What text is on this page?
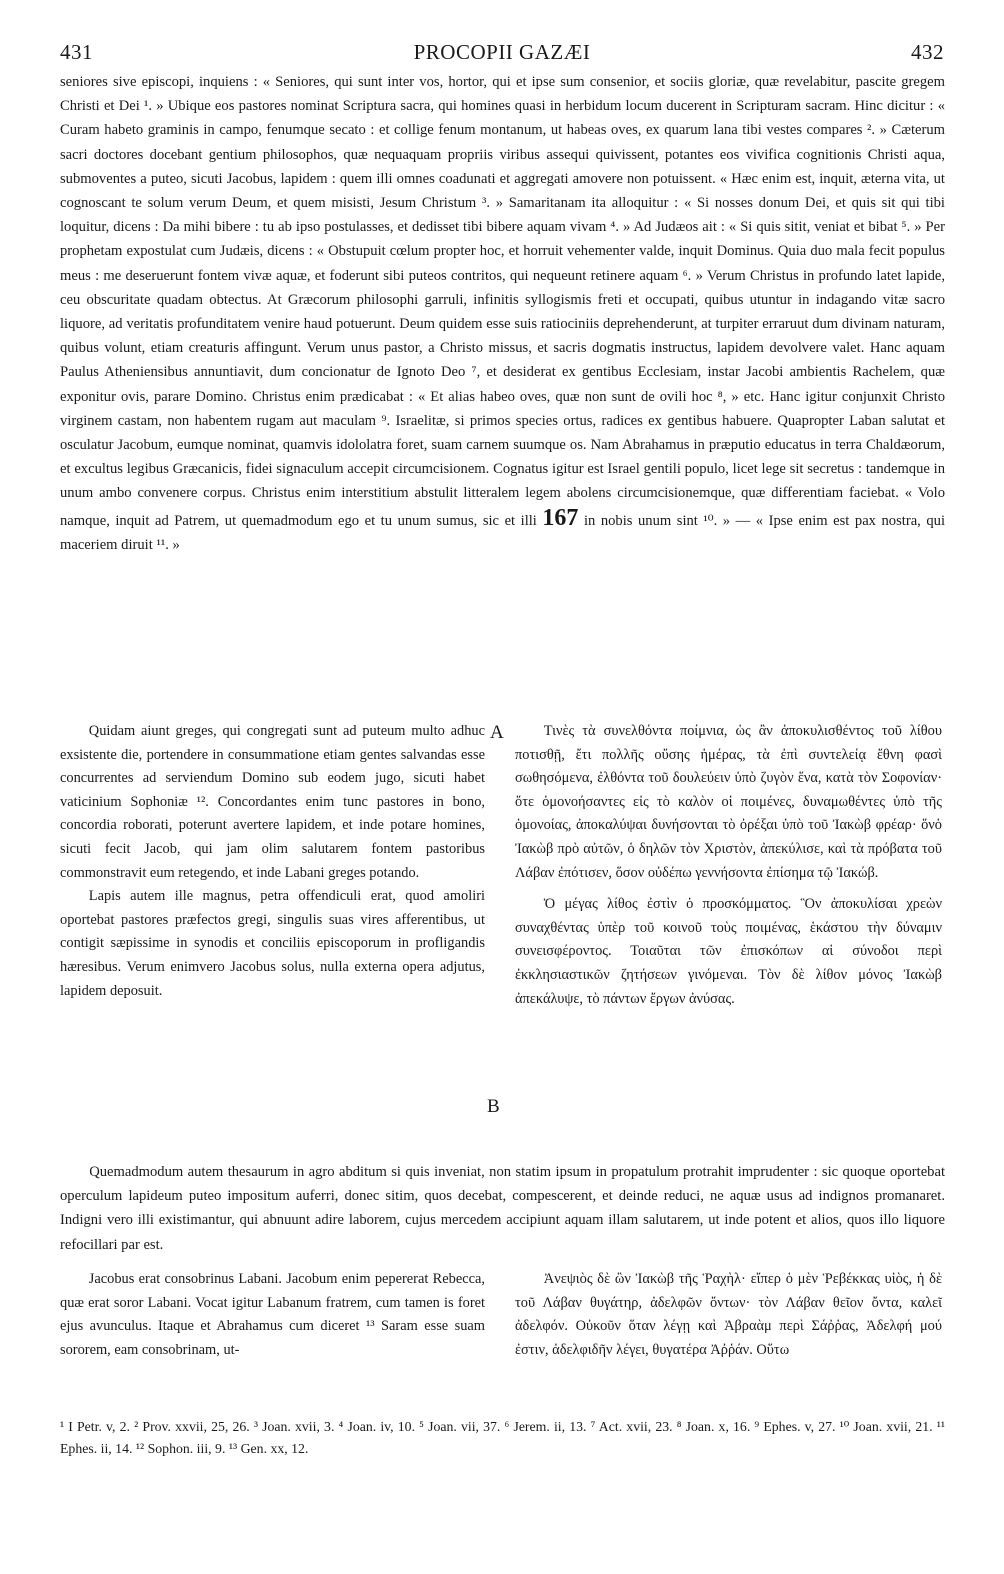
431	PROCOPII GAZÆI	432
seniores sive episcopi, inquiens : « Seniores, qui sunt inter vos, hortor, qui et ipse sum consenior, et sociis gloriæ, quæ revelabitur, pascite gregem Christi et Dei ¹. » Ubique eos pastores nominat Scriptura sacra, qui homines quasi in herbidum locum ducerent in Scripturam sacram. Hinc dicitur : « Curam habeto graminis in campo, fenumque secato : et collige fenum montanum, ut habeas oves, ex quarum lana tibi vestes compares ². » Cæterum sacri doctores docebant gentium philosophos, quæ nequaquam propriis viribus assequi quivissent, potantes eos vivifica cognitionis Christi aqua, submoventes a puteo, sicuti Jacobus, lapidem : quem illi omnes coadunati et aggregati amovere non potuissent. « Hæc enim est, inquit, æterna vita, ut cognoscant te solum verum Deum, et quem misisti, Jesum Christum ³. » Samaritanam ita alloquitur : « Si nosses donum Dei, et quis sit qui tibi loquitur, dicens : Da mihi bibere : tu ab ipso postulasses, et dedisset tibi bibere aquam vivam ⁴. » Ad Judæos ait : « Si quis sitit, veniat et bibat ⁵. » Per prophetam expostulat cum Judæis, dicens : « Obstupuit cœlum propter hoc, et horruit vehementer valde, inquit Dominus. Quia duo mala fecit populus meus : me deseruerunt fontem vivæ aquæ, et foderunt sibi puteos contritos, qui nequeunt retinere aquam ⁶. » Verum Christus in profundo latet lapide, ceu obscuritate quadam obtectus. At Græcorum philosophi garruli, infinitis syllogismis freti et occupati, quibus utuntur in indagando vitæ sacro liquore, ad veritatis profunditatem venire haud potuerunt. Deum quidem esse suis ratiociniis deprehenderunt, at turpiter erraruut dum divinam naturam, quibus volunt, etiam creaturis affingunt. Verum unus pastor, a Christo missus, et sacris dogmatis instructus, lapidem devolvere valet. Hanc aquam Paulus Atheniensibus annuntiavit, dum concionatur de Ignoto Deo ⁷, et desiderat ex gentibus Ecclesiam, instar Jacobi ambientis Rachelem, quæ exponitur ovis, parare Domino. Christus enim prædicabat : « Et alias habeo oves, quæ non sunt de ovili hoc ⁸, » etc. Hanc igitur conjunxit Christo virginem castam, non habentem rugam aut maculam ⁹. Israelitæ, si primos species ortus, radices ex gentibus habuere. Quapropter Laban salutat et osculatur Jacobum, eumque nominat, quamvis idololatra foret, suam carnem suumque os. Nam Abrahamus in præputio educatus in terra Chaldæorum, et excultus legibus Græcanicis, fidei signaculum accepit circumcisionem. Cognatus igitur est Israel gentili populo, licet lege sit secretus : tandemque in unum ambo convenere corpus. Christus enim interstitium abstulit litteralem legem abolens circumcisionemque, quæ differentiam faciebat. « Volo namque, inquit ad Patrem, ut quemadmodum ego et tu unum sumus, sic et illi 167 in nobis unum sint ¹⁰. » — « Ipse enim est pax nostra, qui maceriem diruit ¹¹. »
A

Quidam aiunt greges, qui congregati sunt ad puteum multo adhuc exsistente die, portendere in consummatione etiam gentes salvandas esse concurrentes ad serviendum Domino sub eodem jugo, sicuti habet vaticinium Sophoniæ ¹². Concordantes enim tunc pastores in bono, concordia roborati, poterunt avertere lapidem, et inde potare homines, sicuti fecit Jacob, qui jam olim salutarem fontem pastoribus commonstravit eum retegendo, et inde Labani greges potando.

Lapis autem ille magnus, petra offendiculi erat, quod amoliri oportebat pastores præfectos gregi, singulis suas vires afferentibus, ut contigit sæpissime in synodis et conciliis episcoporum in profligandis hæresibus. Verum enimvero Jacobus solus, nulla externa opera adjutus, lapidem deposuit.

Τινὲς τὰ συνελθόντα ποίμνια, ὡς ἂν ἀποκυλισθέντος τοῦ λίθου ποτισθῇ, ἔτι πολλῆς οὔσης ἡμέρας, τὰ ἐπὶ συντελείᾳ ἔθνη φασὶ σωθησόμενα, ἐλθόντα τοῦ δουλεύειν ὑπὸ ζυγὸν ἕνα, κατὰ τὸν Σοφονίαν· ὅτε ὁμονοήσαντες εἰς τὸ καλὸν οἱ ποιμένες, δυναμωθέντες ὑπὸ τῆς ὁμονοίας, ἀποκαλύψαι δυνήσονται τὸ ὀρέξαι ὑπὸ τοῦ Ἰακὼβ φρέαρ· ὅνὁ Ἰακὼβ πρὸ αὐτῶν, ὁ δηλῶν τὸν Χριστὸν, ἀπεκύλισε, καὶ τὰ πρόβατα τοῦ Λάβαν ἐπότισεν, ὅσον οὐδέπω γεννήσοντα ἐπίσημα τῷ Ἰακώβ.

Ὁ μέγας λίθος ἐστὶν ὁ προσκόμματος. Ὃν ἀποκυλίσαι χρεὼν συναχθέντας ὑπὲρ τοῦ κοινοῦ τοὺς ποιμένας, ἑκάστου τὴν δύναμιν συνεισφέροντος. Τοιαῦται τῶν ἐπισκόπων αἱ σύνοδοι περὶ ἐκκλησιαστικῶν ζητήσεων γινόμεναι. Τὸν δὲ λίθον μόνος Ἰακὼβ ἀπεκάλυψε, τὸ πάντων ἔργων ἀνύσας.

B

Quemadmodum autem thesaurum in agro abditum si quis inveniat, non statim ipsum in propatulum protrahit imprudenter : sic quoque oportebat operculum lapideum puteo impositum auferri, donec sitim, quos decebat, compescerent, et deinde reduci, ne aquæ usus ad indignos promanaret. Indigni vero illi existimantur, qui abnuunt adire laborem, cujus mercedem accipiunt aquam illam salutarem, ut inde potent et alios, quos illo liquore refocillari par est.

Jacobus erat consobrinus Labani. Jacobum enim pepererat Rebecca, quæ erat soror Labani. Vocat igitur Labanum fratrem, cum tamen is foret ejus avunculus. Itaque et Abrahamus cum diceret ¹³ Saram esse suam sororem, eam consobrinam, ut-

Ἀνεψιὸς δὲ ὢν Ἰακὼβ τῆς Ῥαχὴλ· εἴπερ ὁ μὲν Ῥεβέκκας υἱὸς, ἡ δὲ τοῦ Λάβαν θυγάτηρ, ἀδελφῶν ὄντων· τὸν Λάβαν θεῖον ὄντα, καλεῖ ἀδελφόν. Οὐκοῦν ὅταν λέγῃ καὶ Ἀβραὰμ περὶ Σάῤῥας, Ἀδελφή μού ἐστιν, ἀδελφιδῆν λέγει, θυγατέρα Ἀῤῥάν. Οὕτω

¹ I Petr. v, 2. ² Prov. xxvii, 25, 26. ³ Joan. xvii, 3. ⁴ Joan. iv, 10. ⁵ Joan. vii, 37. ⁶ Jerem. ii, 13. ⁷ Act. xvii, 23. ⁸ Joan. x, 16. ⁹ Ephes. v, 27. ¹⁰ Joan. xvii, 21. ¹¹ Ephes. ii, 14. ¹² Sophon. iii, 9. ¹³ Gen. xx, 12.
